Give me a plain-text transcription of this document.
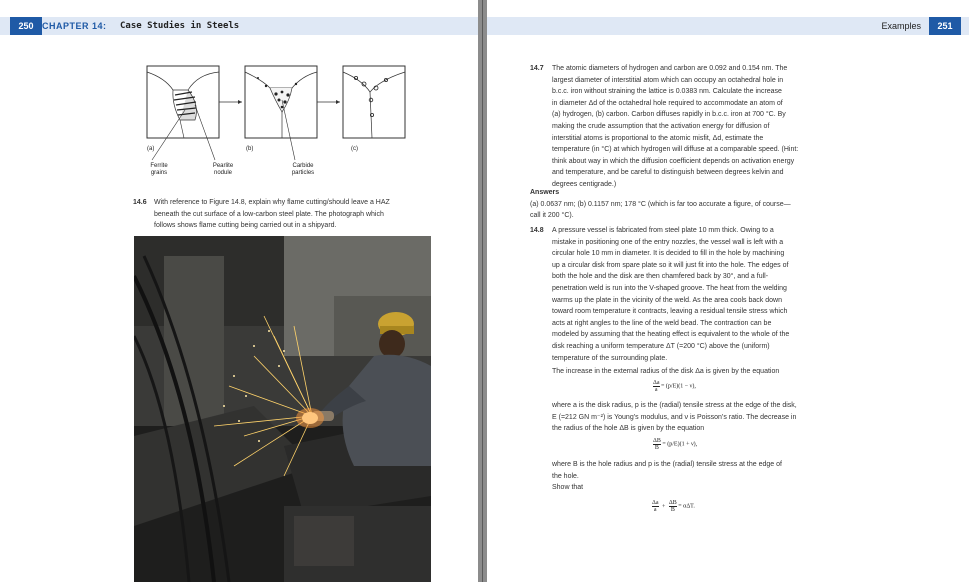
250 CHAPTER 14: Case Studies in Steels
(a)	(b)	(c)
Ferrite
grains
Pearlite
nodule
Carbide
particles
14.6 With reference to Figure 14.8, explain why flame cutting/should leave a HAZ
beneath the cut surface of a low-carbon steel plate. The photograph which
follows shows flame cutting being carried out in a shipyard.
Examples	251
14.7 The atomic diameters of hydrogen and carbon are 0.092 and 0.154 nm. The
largest diameter of interstitial atom which can occupy an octahedral hole in
b.c.c. iron without straining the lattice is 0.0383 nm. Calculate the increase
in diameter Δd of the octahedral hole required to accommodate an atom of
(a) hydrogen, (b) carbon. Carbon diffuses rapidly in b.c.c. iron at 700 °C. By
making the crude assumption that the activation energy for diffusion of
interstitial atoms is proportional to the atomic misfit, Δd, estimate the
temperature (in °C) at which hydrogen will diffuse at a comparable speed. (Hint:
think about way in which the diffusion coefficient depends on activation energy
and temperature, and be careful to distinguish between degrees kelvin and
degrees centigrade.)
Answers
(a) 0.0637 nm; (b) 0.1157 nm; 178 °C (which is far too accurate a figure, of course—
call it 200 °C).
14.8 A pressure vessel is fabricated from steel plate 10 mm thick. Owing to a
mistake in positioning one of the entry nozzles, the vessel wall is left with a
circular hole 10 mm in diameter. It is decided to fill in the hole by machining
up a circular disk from spare plate so it will just fit into the hole. The edges of
both the hole and the disk are then chamfered back by 30°, and a full-
penetration weld is run into the V-shaped groove. The heat from the welding
warms up the plate in the vicinity of the weld. As the area cools back down
toward room temperature it contracts, leaving a residual tensile stress which
acts at right angles to the line of the weld bead. The contraction can be
modeled by assuming that the heating effect is equivalent to the whole of the
disk reaching a uniform temperature ΔT (=200 °C) above the (uniform)
temperature of the surrounding plate.
The increase in the external radius of the disk Δa is given by the equation
$\frac{\Delta a}{a} = (p/E)(1 - \nu)$,
where a is the disk radius, p is the (radial) tensile stress at the edge of the disk,
E (=212 GN m⁻²) is Young’s modulus, and ν is Poisson’s ratio. The decrease in
the radius of the hole ΔB is given by the equation
$\frac{\Delta B}{B} = (p/E)(1 + \nu)$,
where B is the hole radius and p is the (radial) tensile stress at the edge of
the hole.
Show that
$\frac{\Delta a}{a} + \frac{\Delta B}{B} = \alpha\Delta T$.
